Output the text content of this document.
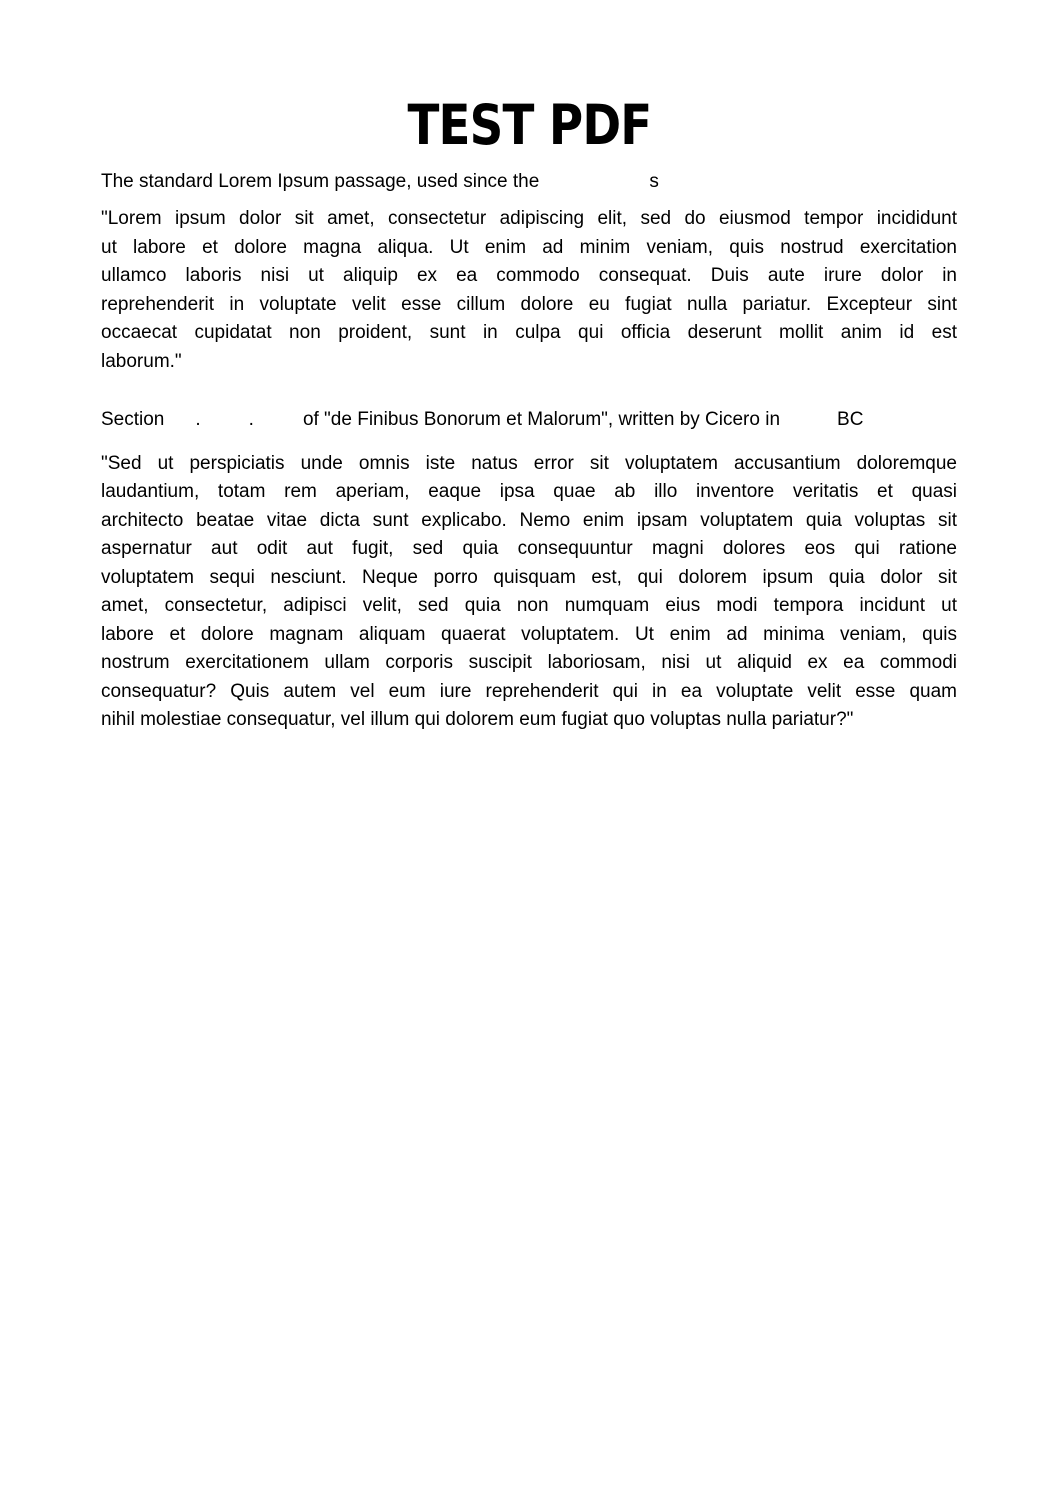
TEST PDF
The standard Lorem Ipsum passage, used since the	s
"Lorem ipsum dolor sit amet, consectetur adipiscing elit, sed do eiusmod tempor incididunt
ut labore et dolore magna aliqua. Ut enim ad minim veniam, quis nostrud exercitation
ullamco laboris nisi ut aliquip ex ea commodo consequat. Duis aute irure dolor in
reprehenderit in voluptate velit esse cillum dolore eu fugiat nulla pariatur. Excepteur sint
occaecat cupidatat non proident, sunt in culpa qui officia deserunt mollit anim id est
laborum."
Section .	.	of "de Finibus Bonorum et Malorum", written by Cicero in	BC
"Sed ut perspiciatis unde omnis iste natus error sit voluptatem accusantium doloremque
laudantium, totam rem aperiam, eaque ipsa quae ab illo inventore veritatis et quasi
architecto beatae vitae dicta sunt explicabo. Nemo enim ipsam voluptatem quia voluptas sit
aspernatur aut odit aut fugit, sed quia consequuntur magni dolores eos qui ratione
voluptatem sequi nesciunt. Neque porro quisquam est, qui dolorem ipsum quia dolor sit
amet, consectetur, adipisci velit, sed quia non numquam eius modi tempora incidunt ut
labore et dolore magnam aliquam quaerat voluptatem. Ut enim ad minima veniam, quis
nostrum exercitationem ullam corporis suscipit laboriosam, nisi ut aliquid ex ea commodi
consequatur? Quis autem vel eum iure reprehenderit qui in ea voluptate velit esse quam
nihil molestiae consequatur, vel illum qui dolorem eum fugiat quo voluptas nulla pariatur?"
